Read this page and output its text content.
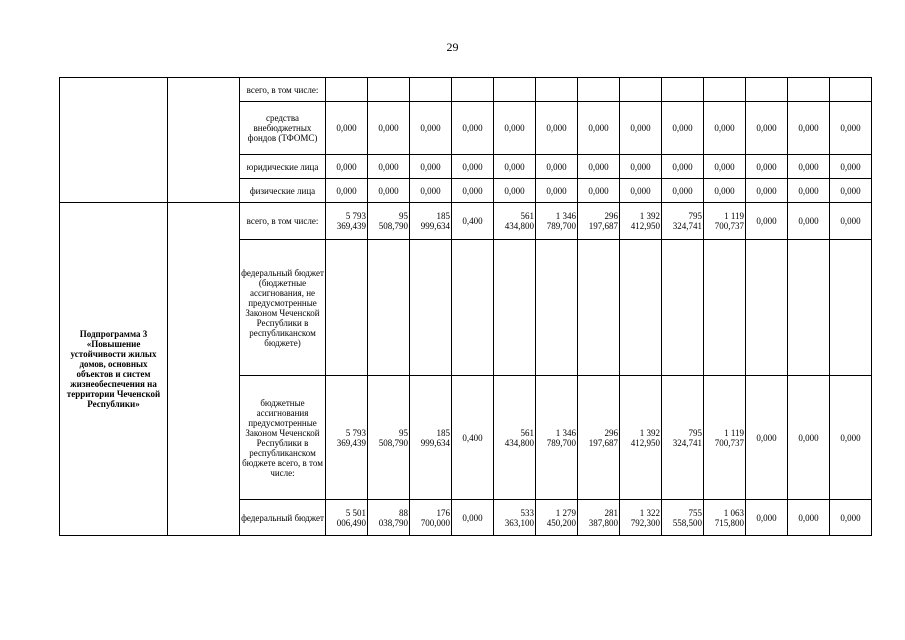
29
		всего, в том числе:													
		средства внебюджетных фондов (ТФОМС)	0,000	0,000	0,000	0,000	0,000	0,000	0,000	0,000	0,000	0,000	0,000	0,000	0,000
		юридические лица	0,000	0,000	0,000	0,000	0,000	0,000	0,000	0,000	0,000	0,000	0,000	0,000	0,000
		физические лица	0,000	0,000	0,000	0,000	0,000	0,000	0,000	0,000	0,000	0,000	0,000	0,000	0,000
Подпрограмма 3 «Повышение устойчивости жилых домов, основных объектов и систем жизнеобеспечения на территории Чеченской Республики»		всего, в том числе:	5 793 369,439	95 508,790	185 999,634	0,400	561 434,800	1 346 789,700	296 197,687	1 392 412,950	795 324,741	1 119 700,737	0,000	0,000	0,000
		федеральный бюджет (бюджетные ассигнования, не предусмотренные Законом Чеченской Республики в республиканском бюджете)													
		бюджетные ассигнования предусмотренные Законом Чеченской Республики в республиканском бюджете всего, в том числе:	5 793 369,439	95 508,790	185 999,634	0,400	561 434,800	1 346 789,700	296 197,687	1 392 412,950	795 324,741	1 119 700,737	0,000	0,000	0,000
		федеральный бюджет	5 501 006,490	88 038,790	176 700,000	0,000	533 363,100	1 279 450,200	281 387,800	1 322 792,300	755 558,500	1 063 715,800	0,000	0,000	0,000
